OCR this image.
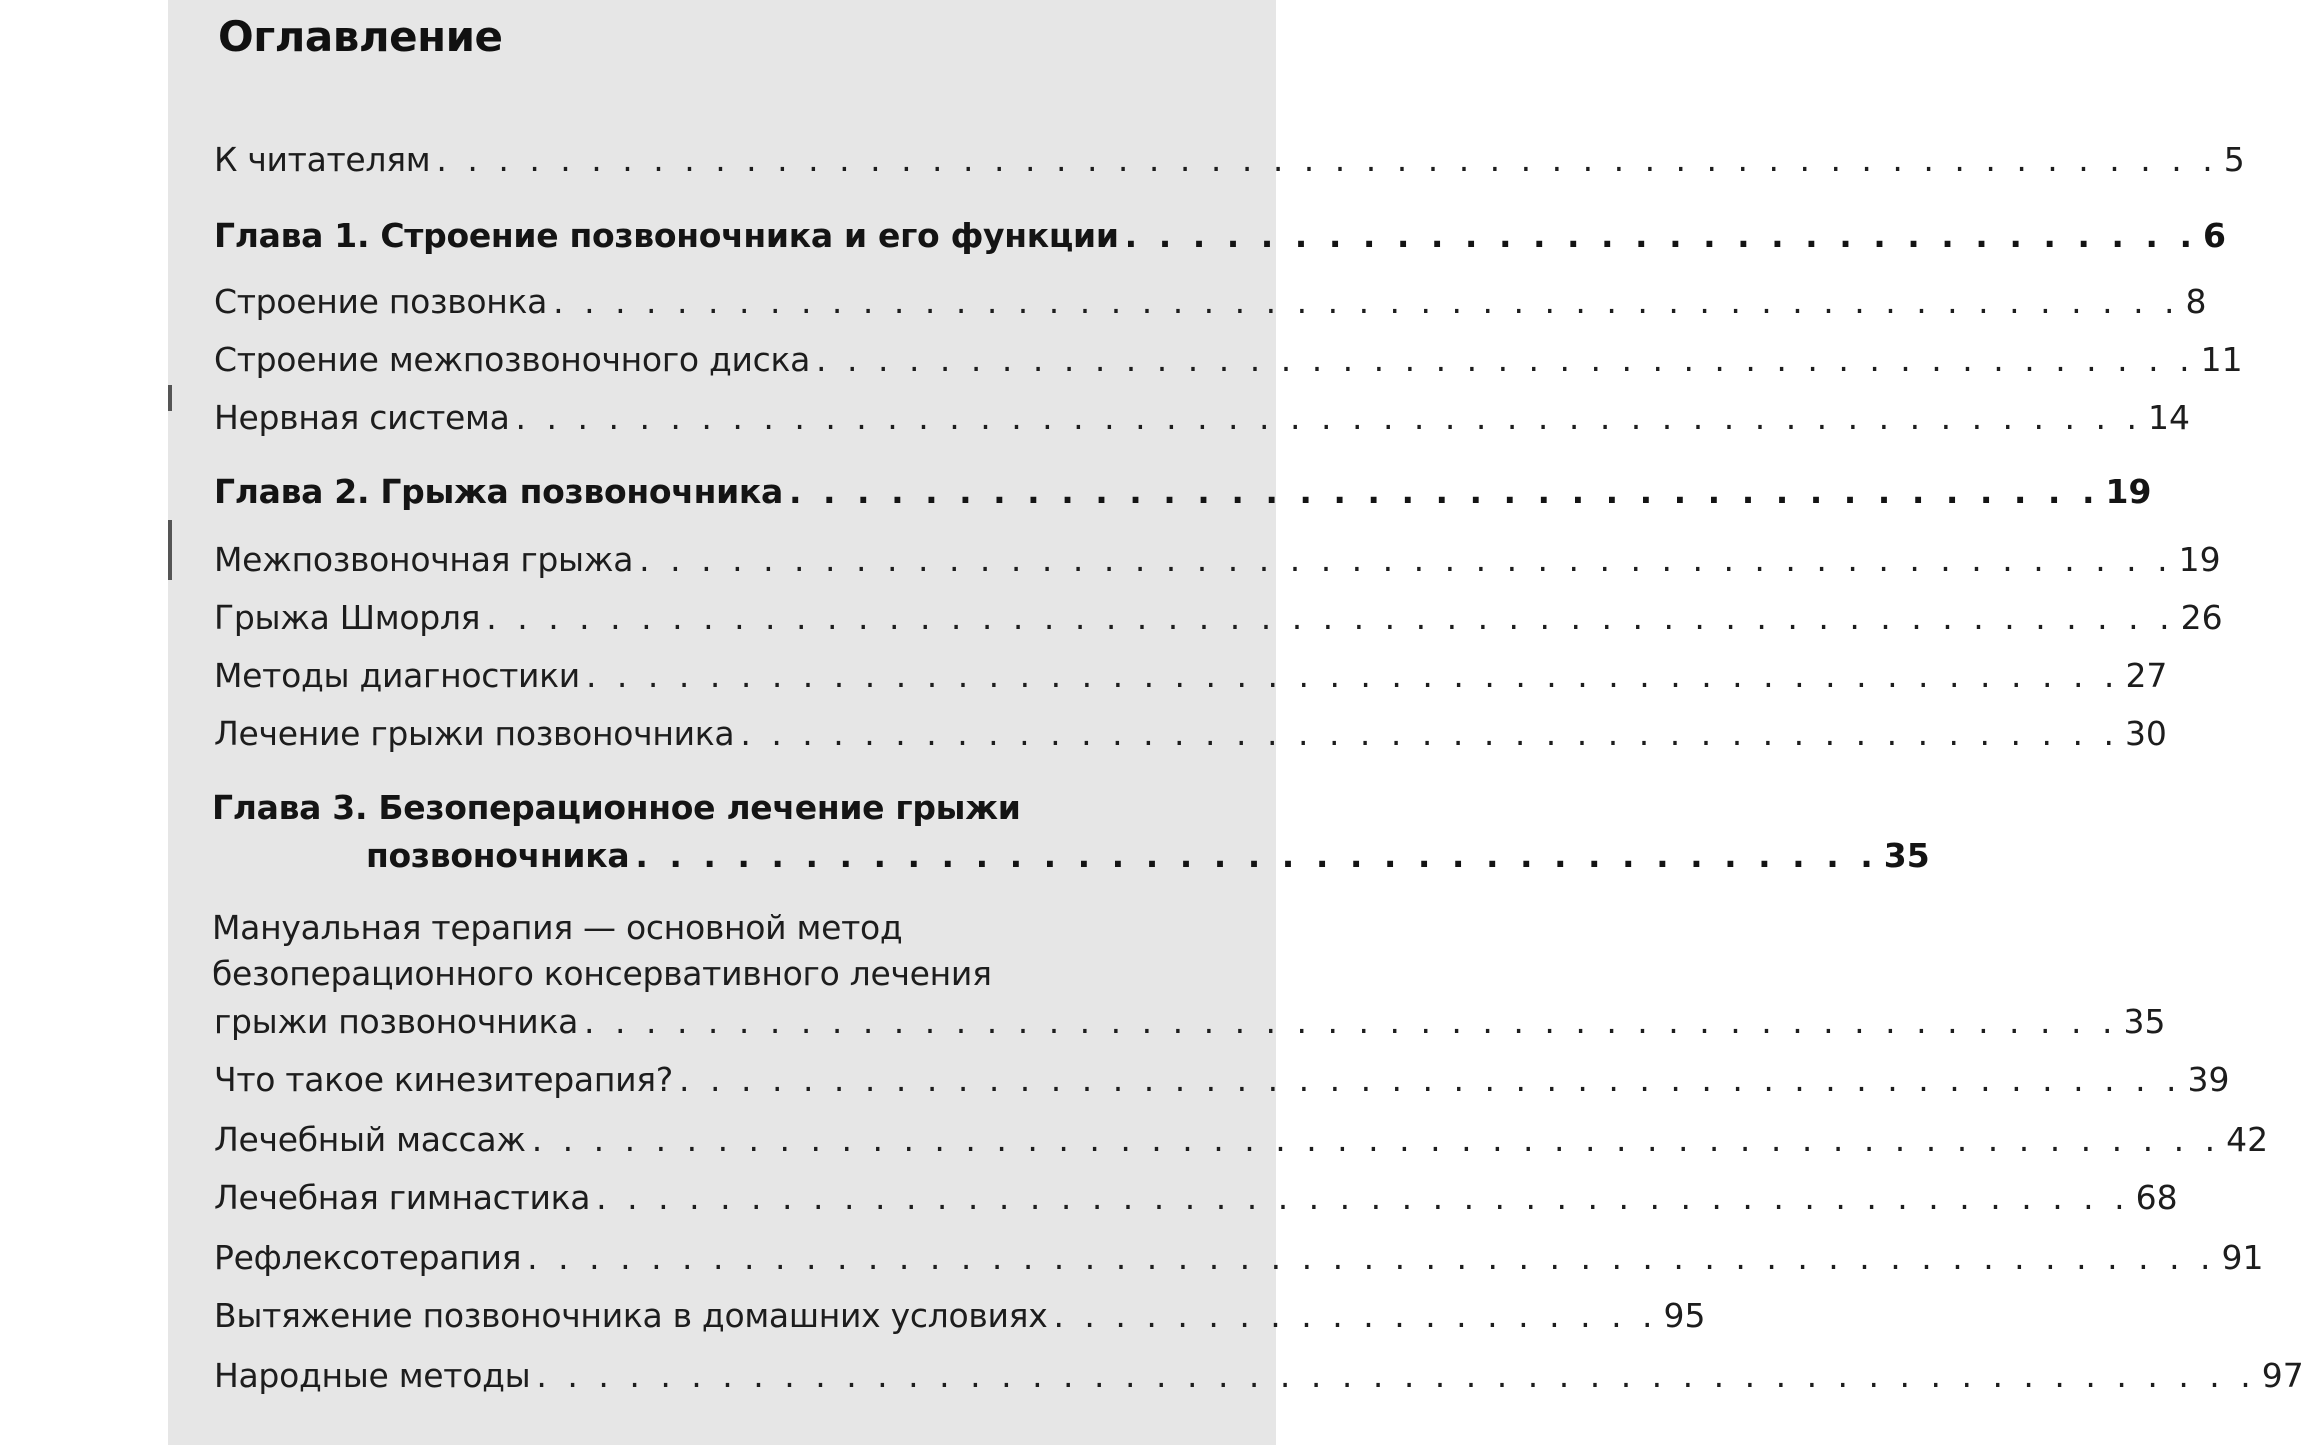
Оглавление
К читателям . . . . . . . . . . . . . . . . . . . . . . . . . . . . . . . . . . . . . . . . . . . . . . . . . . . . . . . . . . 5
Глава 1. Строение позвоночника и его функции . . . . . . . . . . . . . . . . . . . . . . . . . . . . . . . . 6
Строение позвонка . . . . . . . . . . . . . . . . . . . . . . . . . . . . . . . . . . . . . . . . . . . . . . . . . . . . . 8
Строение межпозвоночного диска . . . . . . . . . . . . . . . . . . . . . . . . . . . . . . . . . . . . . . . . . . . . . 11
Нервная система . . . . . . . . . . . . . . . . . . . . . . . . . . . . . . . . . . . . . . . . . . . . . . . . . . . . . 14
Глава 2. Грыжа позвоночника . . . . . . . . . . . . . . . . . . . . . . . . . . . . . . . . . . . . . . . 19
Межпозвоночная грыжа . . . . . . . . . . . . . . . . . . . . . . . . . . . . . . . . . . . . . . . . . . . . . . . . . . 19
Грыжа Шморля . . . . . . . . . . . . . . . . . . . . . . . . . . . . . . . . . . . . . . . . . . . . . . . . . . . . . . . 26
Методы диагностики . . . . . . . . . . . . . . . . . . . . . . . . . . . . . . . . . . . . . . . . . . . . . . . . . . 27
Лечение грыжи позвоночника . . . . . . . . . . . . . . . . . . . . . . . . . . . . . . . . . . . . . . . . . . . . . 30
Глава 3. Безоперационное лечение грыжи
позвоночника . . . . . . . . . . . . . . . . . . . . . . . . . . . . . . . . . . . . . 35
Мануальная терапия — основной метод
безоперационного консервативного лечения
грыжи позвоночника . . . . . . . . . . . . . . . . . . . . . . . . . . . . . . . . . . . . . . . . . . . . . . . . . . 35
Что такое кинезитерапия? . . . . . . . . . . . . . . . . . . . . . . . . . . . . . . . . . . . . . . . . . . . . . . . . . 39
Лечебный массаж . . . . . . . . . . . . . . . . . . . . . . . . . . . . . . . . . . . . . . . . . . . . . . . . . . . . . . . 42
Лечебная гимнастика . . . . . . . . . . . . . . . . . . . . . . . . . . . . . . . . . . . . . . . . . . . . . . . . . . 68
Рефлексотерапия . . . . . . . . . . . . . . . . . . . . . . . . . . . . . . . . . . . . . . . . . . . . . . . . . . . . . . . 91
Вытяжение позвоночника в домашних условиях . . . . . . . . . . . . . . . . . . . . 95
Народные методы . . . . . . . . . . . . . . . . . . . . . . . . . . . . . . . . . . . . . . . . . . . . . . . . . . . . . . . . 97
